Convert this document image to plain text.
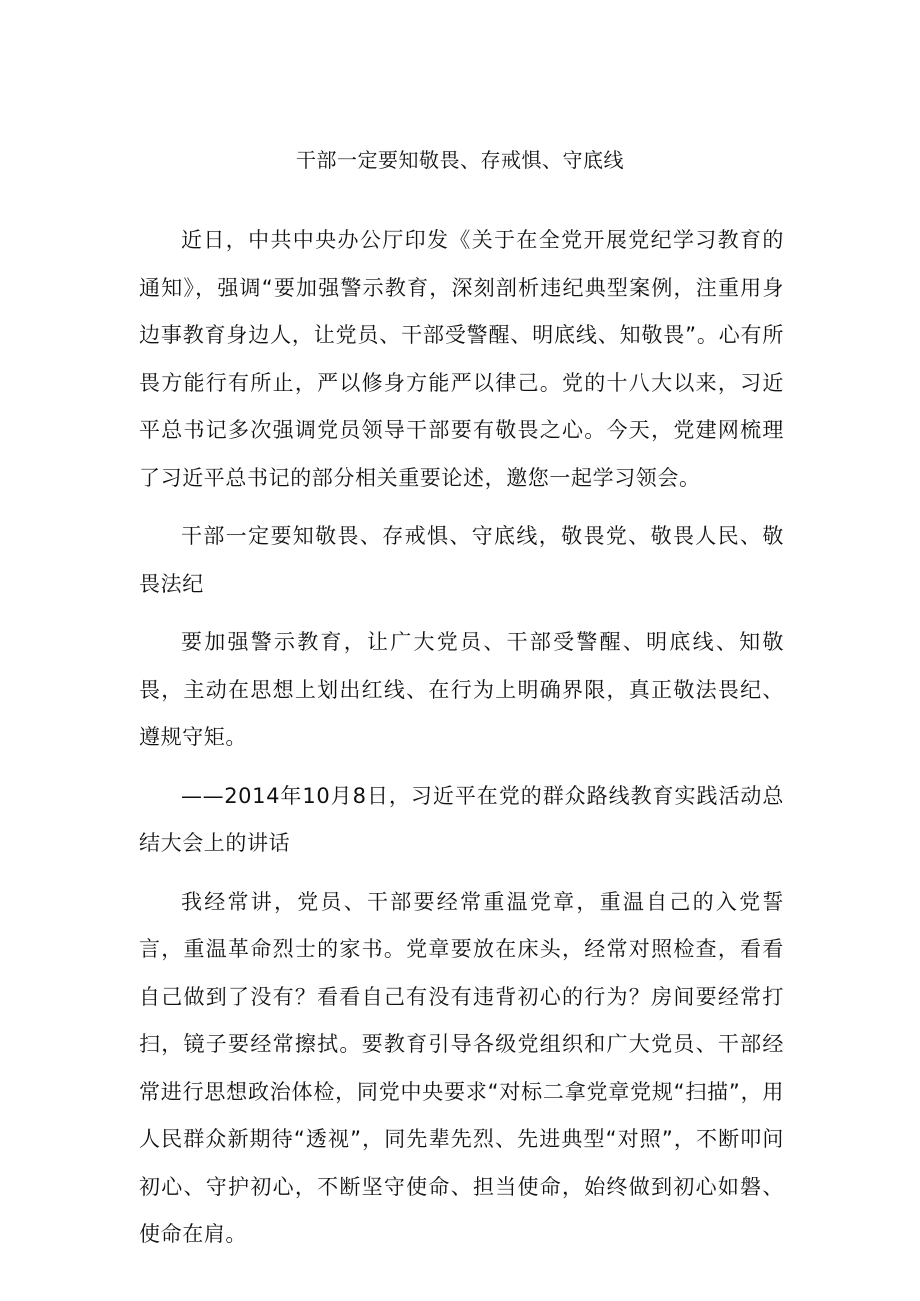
干部一定要知敬畏、存戒惧、守底线

近日，中共中央办公厅印发《关于在全党开展党纪学习教育的通知》，强调“要加强警示教育，深刻剖析违纪典型案例，注重用身边事教育身边人，让党员、干部受警醒、明底线、知敬畏”。心有所畏方能行有所止，严以修身方能严以律己。党的十八大以来，习近平总书记多次强调党员领导干部要有敬畏之心。今天，党建网梳理了习近平总书记的部分相关重要论述，邀您一起学习领会。

干部一定要知敬畏、存戒惧、守底线，敬畏党、敬畏人民、敬畏法纪

要加强警示教育，让广大党员、干部受警醒、明底线、知敬畏，主动在思想上划出红线、在行为上明确界限，真正敬法畏纪、遵规守矩。

——2014年10月8日，习近平在党的群众路线教育实践活动总结大会上的讲话

我经常讲，党员、干部要经常重温党章，重温自己的入党誓言，重温革命烈士的家书。党章要放在床头，经常对照检查，看看自己做到了没有？看看自己有没有违背初心的行为？房间要经常打扫，镜子要经常擦拭。要教育引导各级党组织和广大党员、干部经常进行思想政治体检，同党中央要求“对标二拿党章党规“扫描”，用人民群众新期待“透视”，同先辈先烈、先进典型“对照”，不断叩问初心、守护初心，不断坚守使命、担当使命，始终做到初心如磐、使命在肩。
